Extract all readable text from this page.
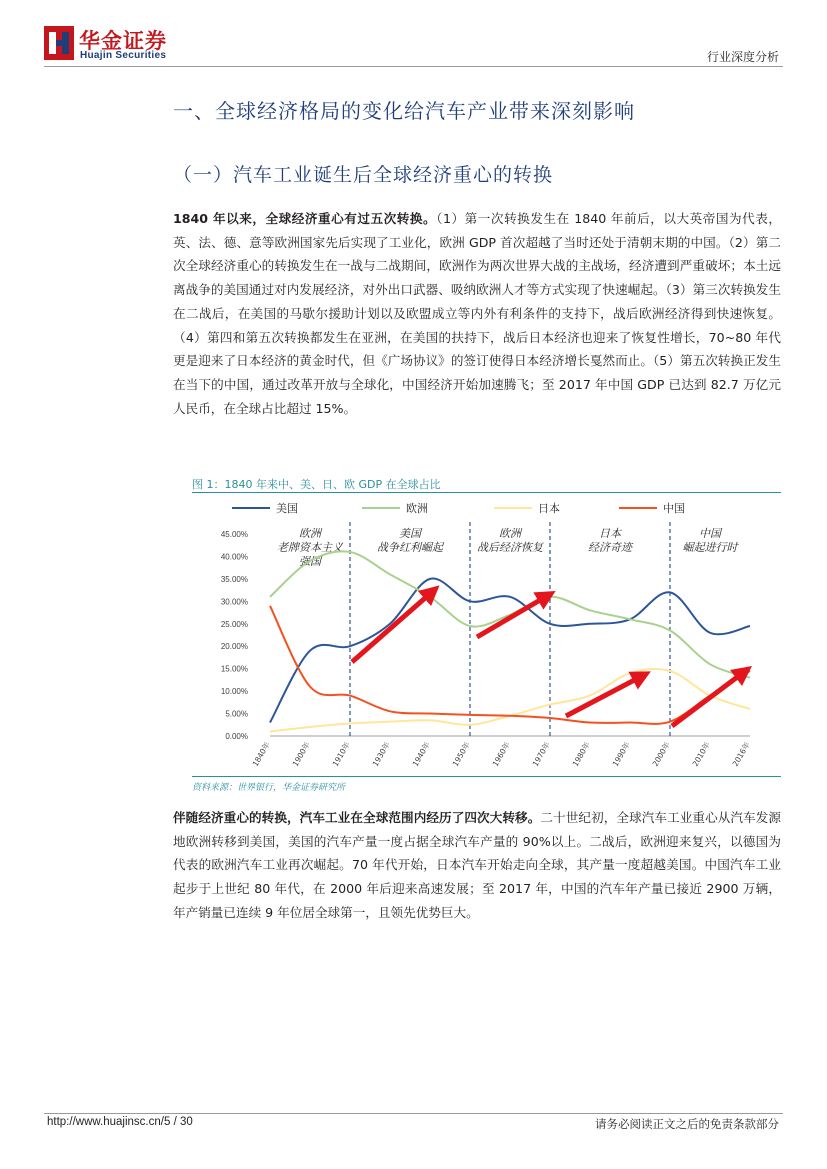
华金证券
Huajin Securities	行业深度分析
一、全球经济格局的变化给汽车产业带来深刻影响
（一）汽车工业诞生后全球经济重心的转换
1840 年以来，全球经济重心有过五次转换。（1）第一次转换发生在 1840 年前后，以大英帝国为代表，英、法、德、意等欧洲国家先后实现了工业化，欧洲 GDP 首次超越了当时还处于清朝末期的中国。（2）第二次全球经济重心的转换发生在一战与二战期间，欧洲作为两次世界大战的主战场，经济遭到严重破坏；本土远离战争的美国通过对内发展经济，对外出口武器、吸纳欧洲人才等方式实现了快速崛起。（3）第三次转换发生在二战后，在美国的马歇尔援助计划以及欧盟成立等内外有利条件的支持下，战后欧洲经济得到快速恢复。（4）第四和第五次转换都发生在亚洲，在美国的扶持下，战后日本经济也迎来了恢复性增长，70~80 年代更是迎来了日本经济的黄金时代，但《广场协议》的签订使得日本经济增长戛然而止。（5）第五次转换正发生在当下的中国，通过改革开放与全球化，中国经济开始加速腾飞；至 2017 年中国 GDP 已达到 82.7 万亿元人民币，在全球占比超过 15%。
图 1：1840 年来中、美、日、欧 GDP 在全球占比
美国	欧洲	日本	中国
0.00%
5.00%
10.00%
15.00%
20.00%
25.00%
30.00%
35.00%
40.00%
45.00%
1840年	1900年	1910年	1930年	1940年	1950年	1960年	1970年	1980年	1990年	2000年	2010年	2016年
欧洲
老牌资本主义
强国
美国
战争红利崛起
欧洲
战后经济恢复
日本
经济奇迹
中国
崛起进行时
资料来源：世界银行，华金证券研究所
伴随经济重心的转换，汽车工业在全球范围内经历了四次大转移。二十世纪初，全球汽车工业重心从汽车发源地欧洲转移到美国，美国的汽车产量一度占据全球汽车产量的 90%以上。二战后，欧洲迎来复兴，以德国为代表的欧洲汽车工业再次崛起。70 年代开始，日本汽车开始走向全球，其产量一度超越美国。中国汽车工业起步于上世纪 80 年代，在 2000 年后迎来高速发展；至 2017 年，中国的汽车年产量已接近 2900 万辆，年产销量已连续 9 年位居全球第一，且领先优势巨大。
http://www.huajinsc.cn/5 / 30	请务必阅读正文之后的免责条款部分
